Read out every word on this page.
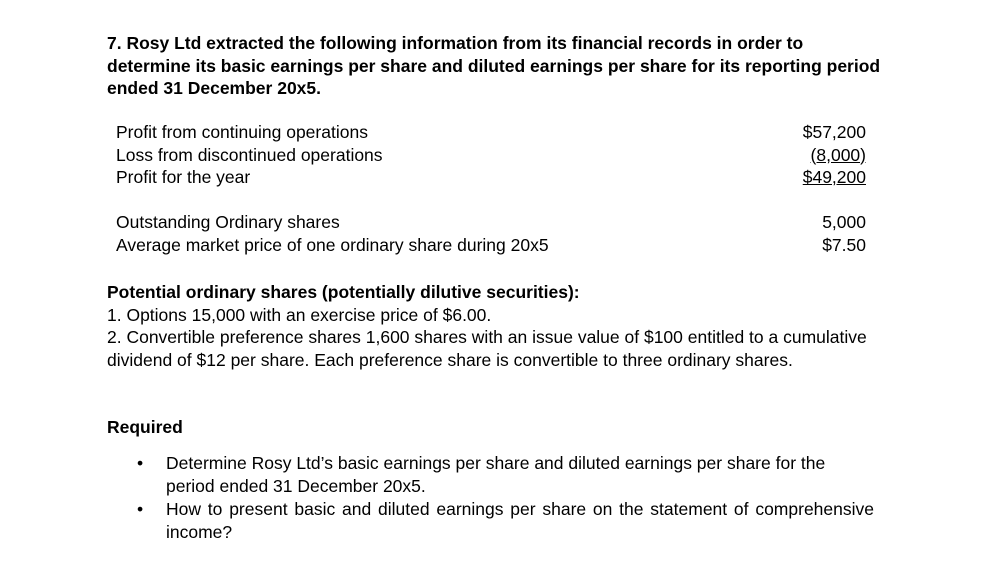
7. Rosy Ltd extracted the following information from its financial records in order to determine its basic earnings per share and diluted earnings per share for its reporting period ended 31 December 20x5.
Profit from continuing operations	$57,200
Loss from discontinued operations	(8,000)
Profit for the year	$49,200
Outstanding Ordinary shares	5,000
Average market price of one ordinary share during 20x5	$7.50
Potential ordinary shares (potentially dilutive securities):
1. Options 15,000 with an exercise price of $6.00.
2. Convertible preference shares 1,600 shares with an issue value of $100 entitled to a cumulative dividend of $12 per share. Each preference share is convertible to three ordinary shares.
Required
• Determine Rosy Ltd’s basic earnings per share and diluted earnings per share for the period ended 31 December 20x5.
• How to present basic and diluted earnings per share on the statement of comprehensive income?
